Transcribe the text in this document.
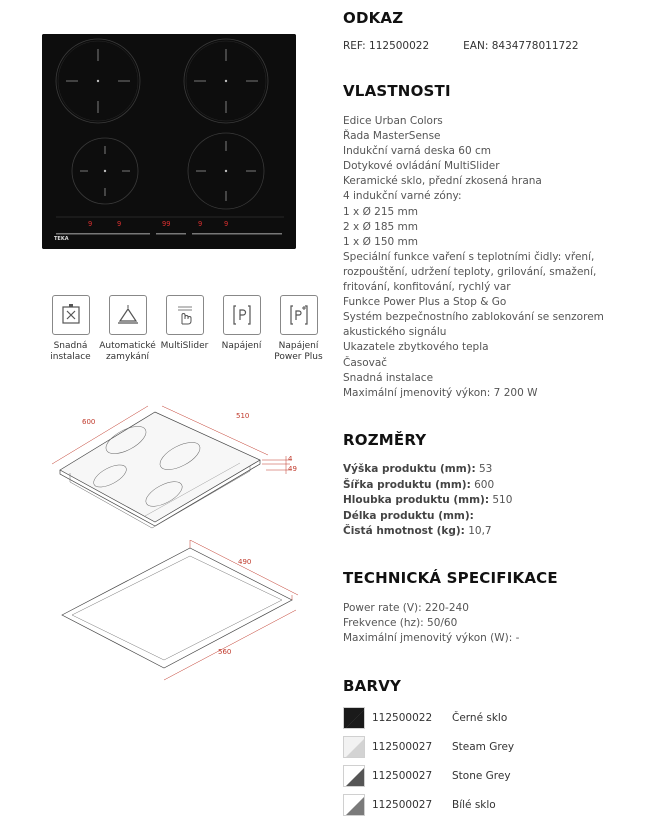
9	9	99	9	9
TEKA
Snadná instalace
Automatické zamykání
MultiSlider	Napájení	Napájení Power Plus
600
510
4
49
490
560
ODKAZ
REF: 112500022	EAN: 8434778011722
VLASTNOSTI
Edice Urban Colors
Řada MasterSense
Indukční varná deska 60 cm
Dotykové ovládání MultiSlider
Keramické sklo, přední zkosená hrana
4 indukční varné zóny:
1 x Ø 215 mm
2 x Ø 185 mm
1 x Ø 150 mm
Speciální funkce vaření s teplotními čidly: vření,
rozpouštění, udržení teploty, grilování, smažení,
fritování, konfitování, rychlý var
Funkce Power Plus a Stop & Go
Systém bezpečnostního zablokování se senzorem
akustického signálu
Ukazatele zbytkového tepla
Časovač
Snadná instalace
Maximální jmenovitý výkon: 7 200 W
ROZMĚRY
Výška produktu (mm): 53
Šířka produktu (mm): 600
Hloubka produktu (mm): 510
Délka produktu (mm):
Čistá hmotnost (kg): 10,7
TECHNICKÁ SPECIFIKACE
Power rate (V): 220-240
Frekvence (hz): 50/60
Maximální jmenovitý výkon (W): -
BARVY
112500022	Černé sklo
112500027	Steam Grey
112500027	Stone Grey
112500027	Bílé sklo
